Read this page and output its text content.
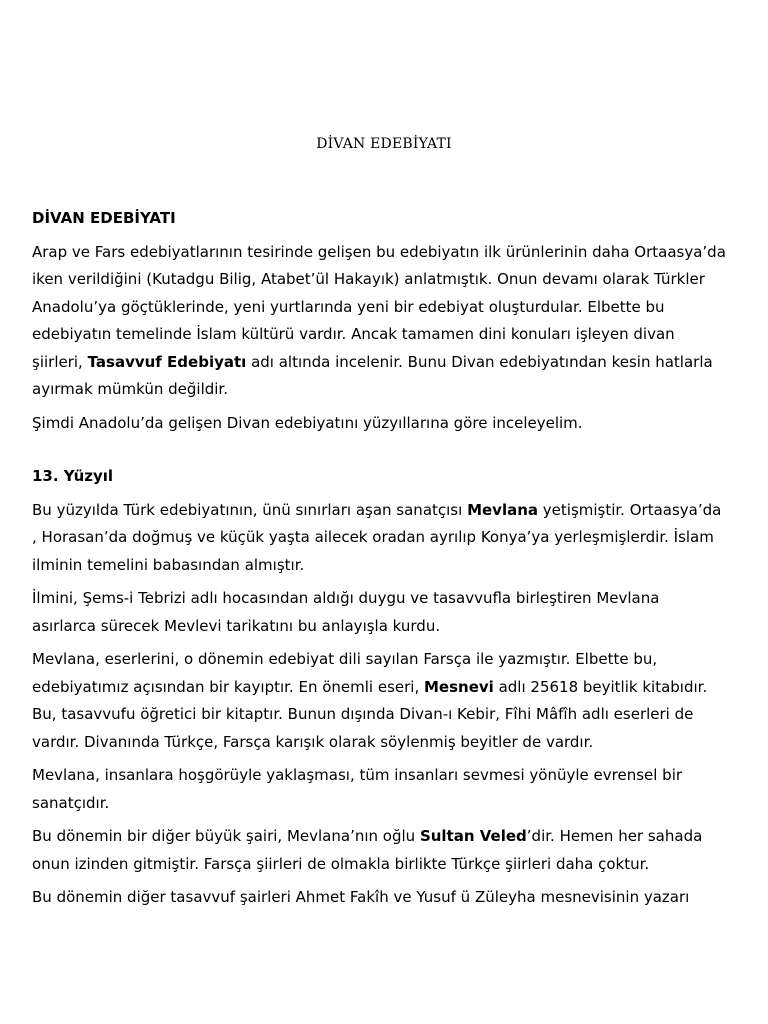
DİVAN EDEBİYATI
DİVAN EDEBİYATI

Arap ve Fars edebiyatlarının tesirinde gelişen bu edebiyatın ilk ürünlerinin daha Ortaasya’da
iken verildiğini (Kutadgu Bilig, Atabet’ül Hakayık) anlatmıştık. Onun devamı olarak Türkler
Anadolu’ya göçtüklerinde, yeni yurtlarında yeni bir edebiyat oluşturdular. Elbette bu
edebiyatın temelinde İslam kültürü vardır. Ancak tamamen dini konuları işleyen divan
şiirleri, Tasavvuf Edebiyatı adı altında incelenir. Bunu Divan edebiyatından kesin hatlarla
ayırmak mümkün değildir.

Şimdi Anadolu’da gelişen Divan edebiyatını yüzyıllarına göre inceleyelim.

13. Yüzyıl

Bu yüzyılda Türk edebiyatının, ünü sınırları aşan sanatçısı Mevlana yetişmiştir. Ortaasya’da
, Horasan’da doğmuş ve küçük yaşta ailecek oradan ayrılıp Konya’ya yerleşmişlerdir. İslam
ilminin temelini babasından almıştır.

İlmini, Şems-i Tebrizi adlı hocasından aldığı duygu ve tasavvufla birleştiren Mevlana
asırlarca sürecek Mevlevi tarikatını bu anlayışla kurdu.

Mevlana, eserlerini, o dönemin edebiyat dili sayılan Farsça ile yazmıştır. Elbette bu,
edebiyatımız açısından bir kayıptır. En önemli eseri, Mesnevi adlı 25618 beyitlik kitabıdır.
Bu, tasavvufu öğretici bir kitaptır. Bunun dışında Divan-ı Kebir, Fîhi Mâfîh adlı eserleri de
vardır. Divanında Türkçe, Farsça karışık olarak söylenmiş beyitler de vardır.

Mevlana, insanlara hoşgörüyle yaklaşması, tüm insanları sevmesi yönüyle evrensel bir
sanatçıdır.

Bu dönemin bir diğer büyük şairi, Mevlana’nın oğlu Sultan Veled’dir. Hemen her sahada
onun izinden gitmiştir. Farsça şiirleri de olmakla birlikte Türkçe şiirleri daha çoktur.

Bu dönemin diğer tasavvuf şairleri Ahmet Fakîh ve Yusuf ü Züleyha mesnevisinin yazarı
